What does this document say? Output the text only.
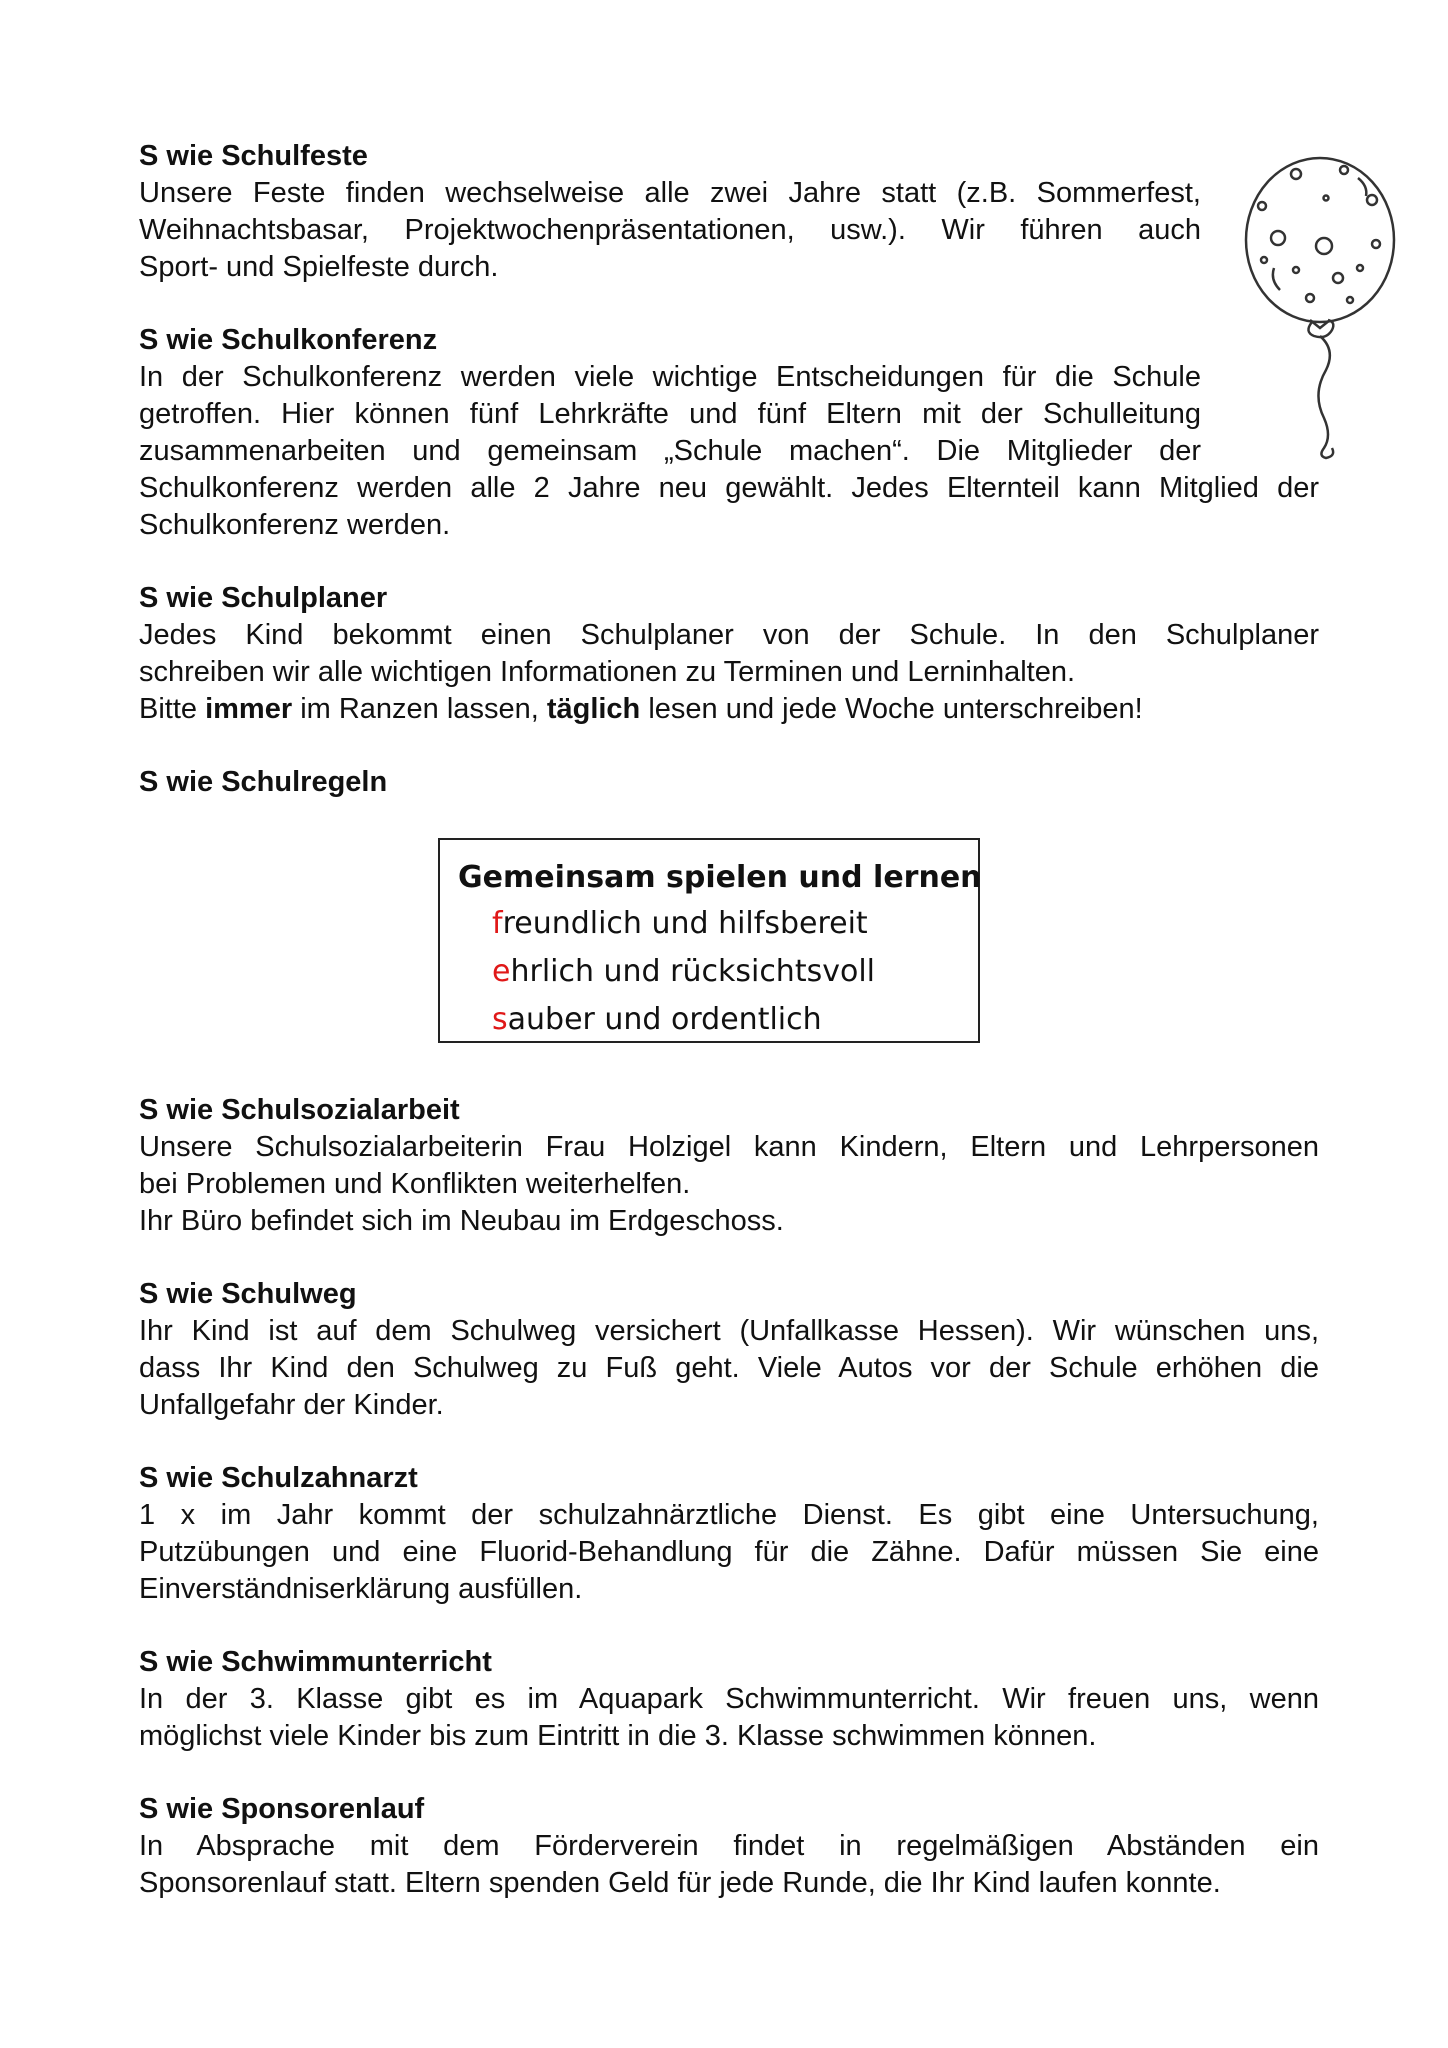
S wie Schulfeste
Unsere Feste finden wechselweise alle zwei Jahre statt (z.B. Sommerfest,
Weihnachtsbasar, Projektwochenpräsentationen, usw.). Wir führen auch
Sport- und Spielfeste durch.
S wie Schulkonferenz
In der Schulkonferenz werden viele wichtige Entscheidungen für die Schule
getroffen. Hier können fünf Lehrkräfte und fünf Eltern mit der Schulleitung
zusammenarbeiten und gemeinsam „Schule machen“. Die Mitglieder der
Schulkonferenz werden alle 2 Jahre neu gewählt. Jedes Elternteil kann Mitglied der
Schulkonferenz werden.
S wie Schulplaner
Jedes Kind bekommt einen Schulplaner von der Schule. In den Schulplaner
schreiben wir alle wichtigen Informationen zu Terminen und Lerninhalten.
Bitte immer im Ranzen lassen, täglich lesen und jede Woche unterschreiben!
S wie Schulregeln
Gemeinsam spielen und lernen
freundlich und hilfsbereit
ehrlich und rücksichtsvoll
sauber und ordentlich
S wie Schulsozialarbeit
Unsere Schulsozialarbeiterin Frau Holzigel kann Kindern, Eltern und Lehrpersonen
bei Problemen und Konflikten weiterhelfen.
Ihr Büro befindet sich im Neubau im Erdgeschoss.
S wie Schulweg
Ihr Kind ist auf dem Schulweg versichert (Unfallkasse Hessen). Wir wünschen uns,
dass Ihr Kind den Schulweg zu Fuß geht. Viele Autos vor der Schule erhöhen die
Unfallgefahr der Kinder.
S wie Schulzahnarzt
1 x im Jahr kommt der schulzahnärztliche Dienst. Es gibt eine Untersuchung,
Putzübungen und eine Fluorid-Behandlung für die Zähne. Dafür müssen Sie eine
Einverständniserklärung ausfüllen.
S wie Schwimmunterricht
In der 3. Klasse gibt es im Aquapark Schwimmunterricht. Wir freuen uns, wenn
möglichst viele Kinder bis zum Eintritt in die 3. Klasse schwimmen können.
S wie Sponsorenlauf
In Absprache mit dem Förderverein findet in regelmäßigen Abständen ein
Sponsorenlauf statt. Eltern spenden Geld für jede Runde, die Ihr Kind laufen konnte.
